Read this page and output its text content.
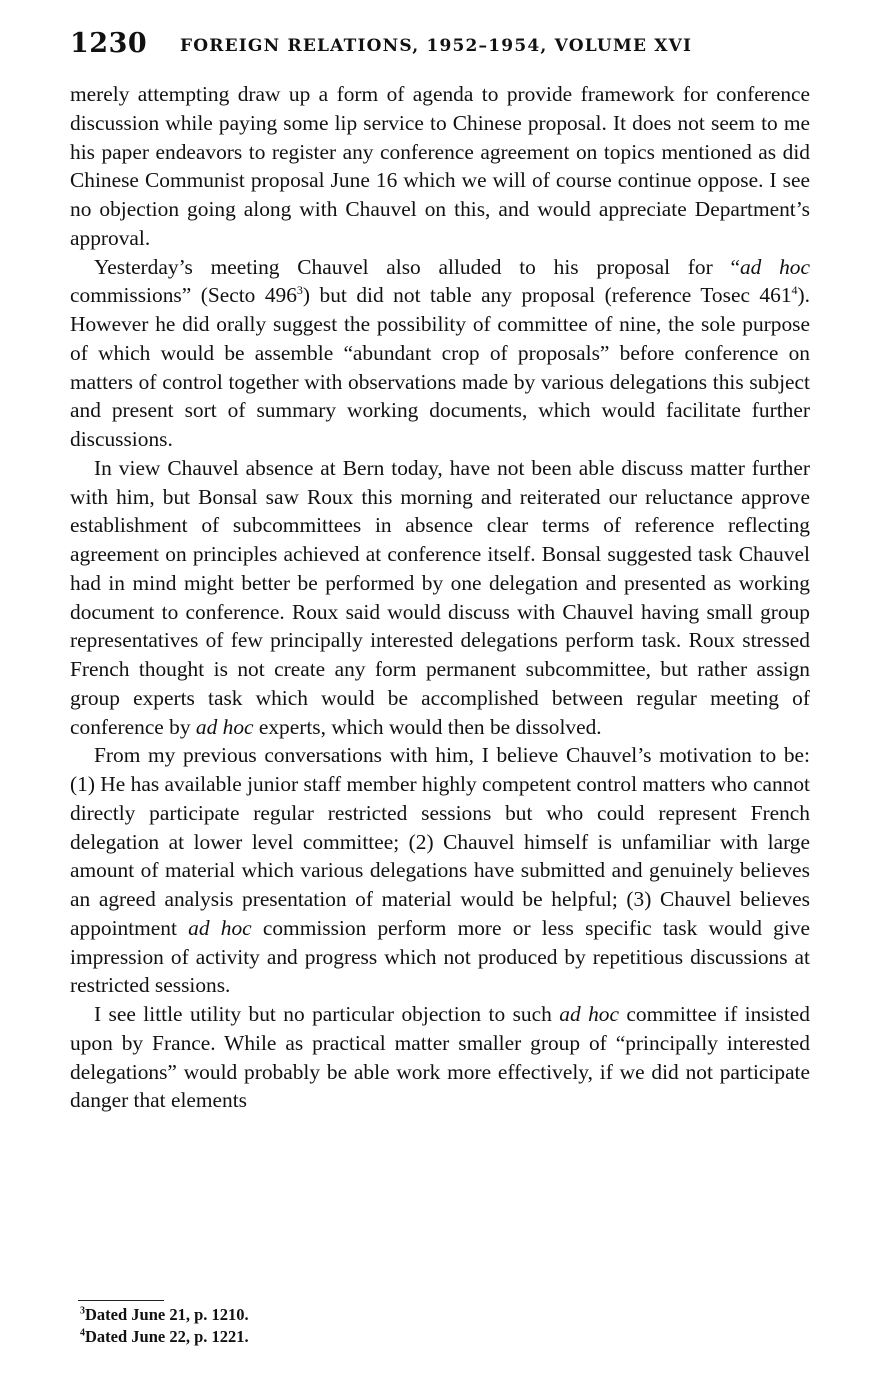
1230 FOREIGN RELATIONS, 1952–1954, VOLUME XVI

merely attempting draw up a form of agenda to provide framework for conference discussion while paying some lip service to Chinese proposal. It does not seem to me his paper endeavors to register any conference agreement on topics mentioned as did Chinese Communist proposal June 16 which we will of course continue oppose. I see no objection going along with Chauvel on this, and would appreciate Department’s approval.

Yesterday’s meeting Chauvel also alluded to his proposal for “ad hoc commissions” (Secto 496$^3$) but did not table any proposal (reference Tosec 461$^4$). However he did orally suggest the possibility of committee of nine, the sole purpose of which would be assemble “abundant crop of proposals” before conference on matters of control together with observations made by various delegations this subject and present sort of summary working documents, which would facilitate further discussions.

In view Chauvel absence at Bern today, have not been able discuss matter further with him, but Bonsal saw Roux this morning and reiterated our reluctance approve establishment of subcommittees in absence clear terms of reference reflecting agreement on principles achieved at conference itself. Bonsal suggested task Chauvel had in mind might better be performed by one delegation and presented as working document to conference. Roux said would discuss with Chauvel having small group representatives of few principally interested delegations perform task. Roux stressed French thought is not create any form permanent subcommittee, but rather assign group experts task which would be accomplished between regular meeting of conference by ad hoc experts, which would then be dissolved.

From my previous conversations with him, I believe Chauvel’s motivation to be: (1) He has available junior staff member highly competent control matters who cannot directly participate regular restricted sessions but who could represent French delegation at lower level committee; (2) Chauvel himself is unfamiliar with large amount of material which various delegations have submitted and genuinely believes an agreed analysis presentation of material would be helpful; (3) Chauvel believes appointment ad hoc commission perform more or less specific task would give impression of activity and progress which not produced by repetitious discussions at restricted sessions.

I see little utility but no particular objection to such ad hoc committee if insisted upon by France. While as practical matter smaller group of “principally interested delegations” would probably be able work more effectively, if we did not participate danger that elements

$^3$Dated June 21, p. 1210.

$^4$Dated June 22, p. 1221.
